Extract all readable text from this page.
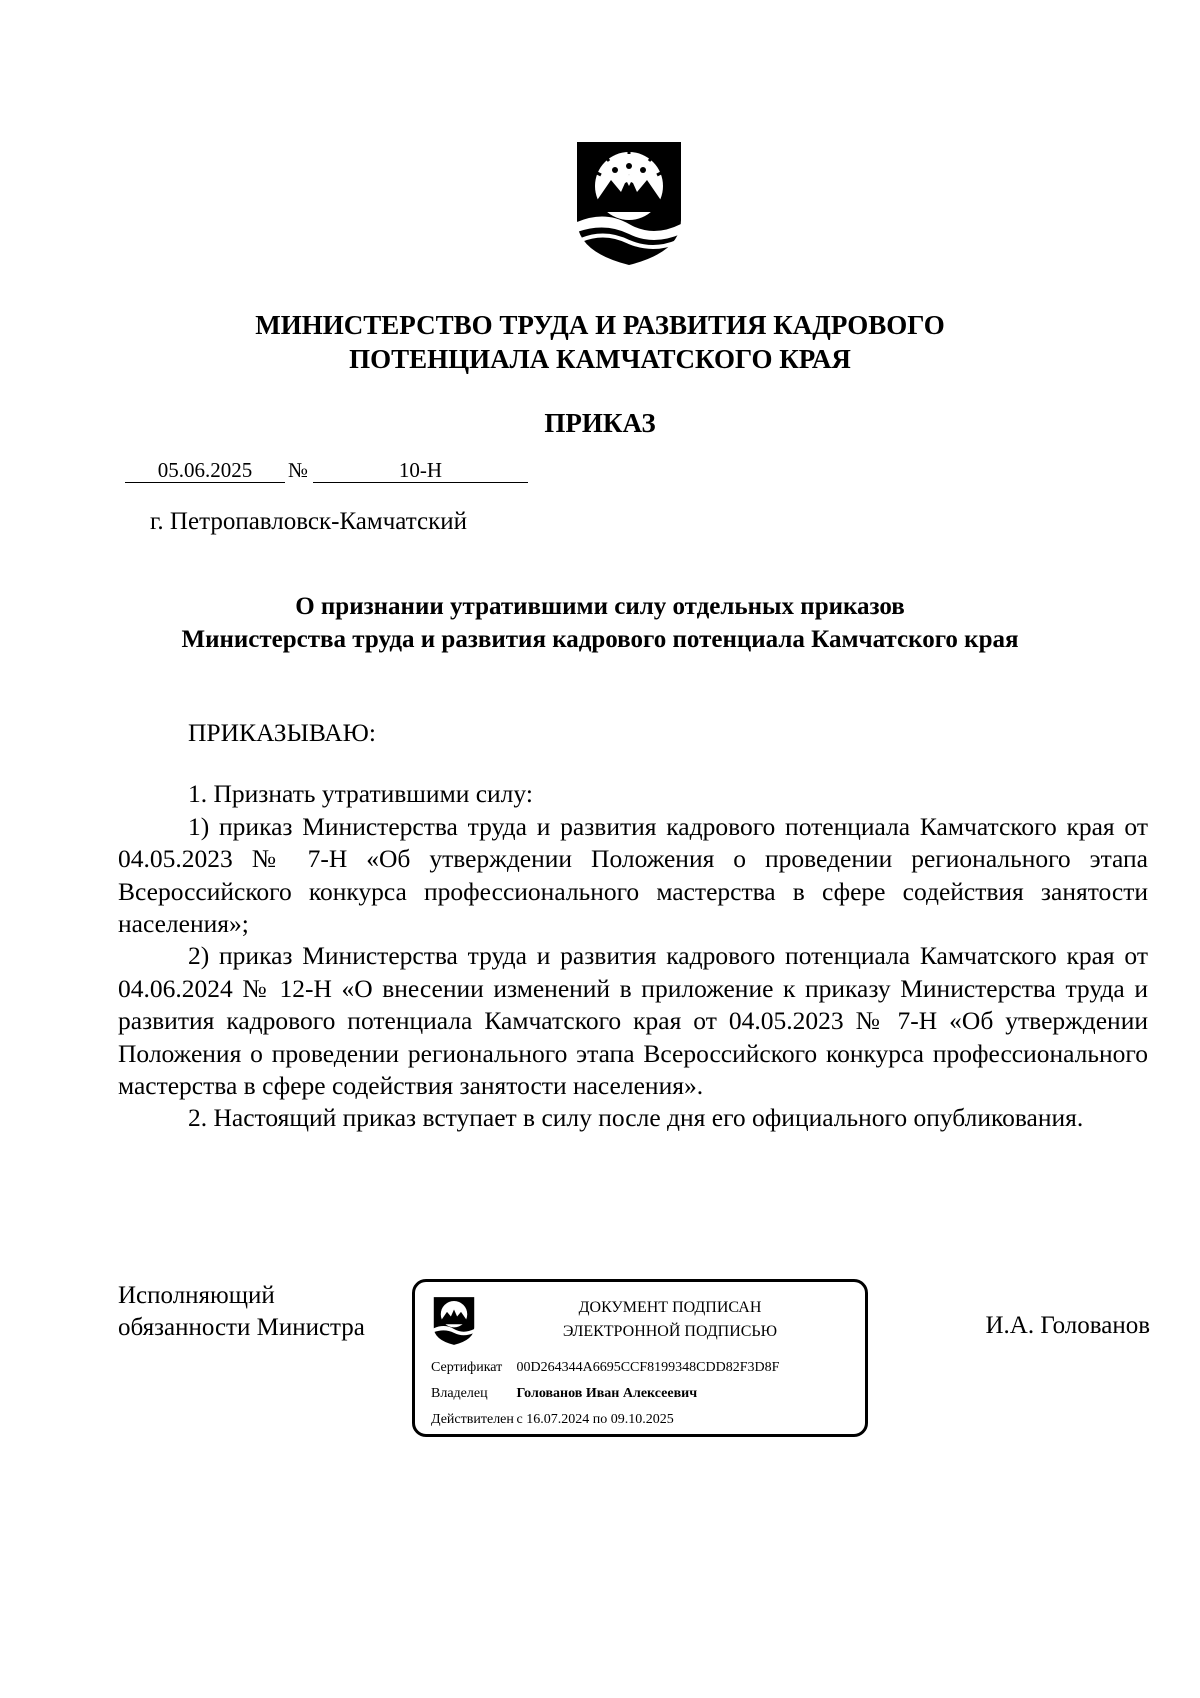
МИНИСТЕРСТВО ТРУДА И РАЗВИТИЯ КАДРОВОГО
ПОТЕНЦИАЛА КАМЧАТСКОГО КРАЯ
ПРИКАЗ
05.06.2025	№	10-Н
г. Петропавловск-Камчатский
О признании утратившими силу отдельных приказов
Министерства труда и развития кадрового потенциала Камчатского края

ПРИКАЗЫВАЮ:

1. Признать утратившими силу:

1) приказ Министерства труда и развития кадрового потенциала Камчатского края от 04.05.2023 № 7-Н «Об утверждении Положения о проведении регионального этапа Всероссийского конкурса профессионального мастерства в сфере содействия занятости населения»;

2) приказ Министерства труда и развития кадрового потенциала Камчатского края от 04.06.2024 № 12-Н «О внесении изменений в приложение к приказу Министерства труда и развития кадрового потенциала Камчатского края от 04.05.2023 № 7-Н «Об утверждении Положения о проведении регионального этапа Всероссийского конкурса профессионального мастерства в сфере содействия занятости населения».

2. Настоящий приказ вступает в силу после дня его официального опубликования.

Исполняющий
обязанности Министра
ДОКУМЕНТ ПОДПИСАН
ЭЛЕКТРОННОЙ ПОДПИСЬЮ
Сертификат 00D264344A6695CCF8199348CDD82F3D8F
Владелец Голованов Иван Алексеевич
Действителен с 16.07.2024 по 09.10.2025
И.А. Голованов
